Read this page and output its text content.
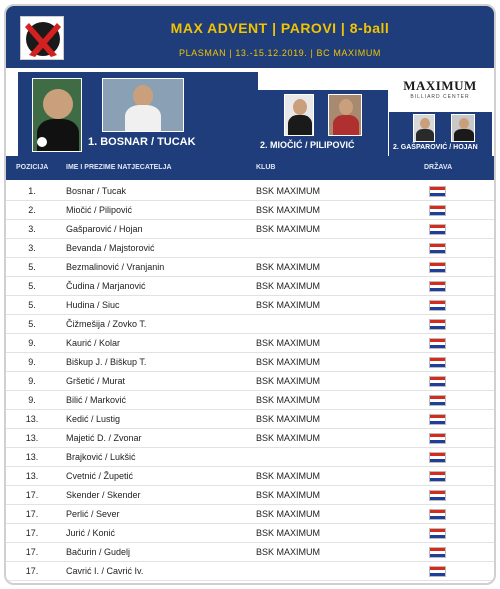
MAX ADVENT | PAROVI | 8-ball
PLASMAN | 13.-15.12.2019. | BC MAXIMUM
1. BOSNAR / TUCAK	2. MIOČIĆ / PILIPOVIĆ
MAXIMUM
BILLIARD CENTER
2. GAŠPAROVIĆ / HOJAN
POZICIJA	IME I PREZIME NATJECATELJA	KLUB	DRŽAVA
1.	Bosnar / Tucak	BSK MAXIMUM
2.	Miočić / Pilipović	BSK MAXIMUM
3.	Gašparović / Hojan	BSK MAXIMUM
3.	Bevanda / Majstorović
5.	Bezmalinović / Vranjanin	BSK MAXIMUM
5.	Čudina / Marjanović	BSK MAXIMUM
5.	Hudina / Siuc	BSK MAXIMUM
5.	Čižmešija / Zovko T.
9.	Kaurić / Kolar	BSK MAXIMUM
9.	Biškup J. / Biškup T.	BSK MAXIMUM
9.	Gršetić / Murat	BSK MAXIMUM
9.	Bilić / Marković	BSK MAXIMUM
13.	Kedić / Lustig	BSK MAXIMUM
13.	Majetić D. / Zvonar	BSK MAXIMUM
13.	Brajković / Lukšić
13.	Cvetnić / Župetić	BSK MAXIMUM
17.	Skender / Skender	BSK MAXIMUM
17.	Perlić / Sever	BSK MAXIMUM
17.	Jurić / Konić	BSK MAXIMUM
17.	Bačurin / Gudelj	BSK MAXIMUM
17.	Cavrić I. / Cavrić Iv.
